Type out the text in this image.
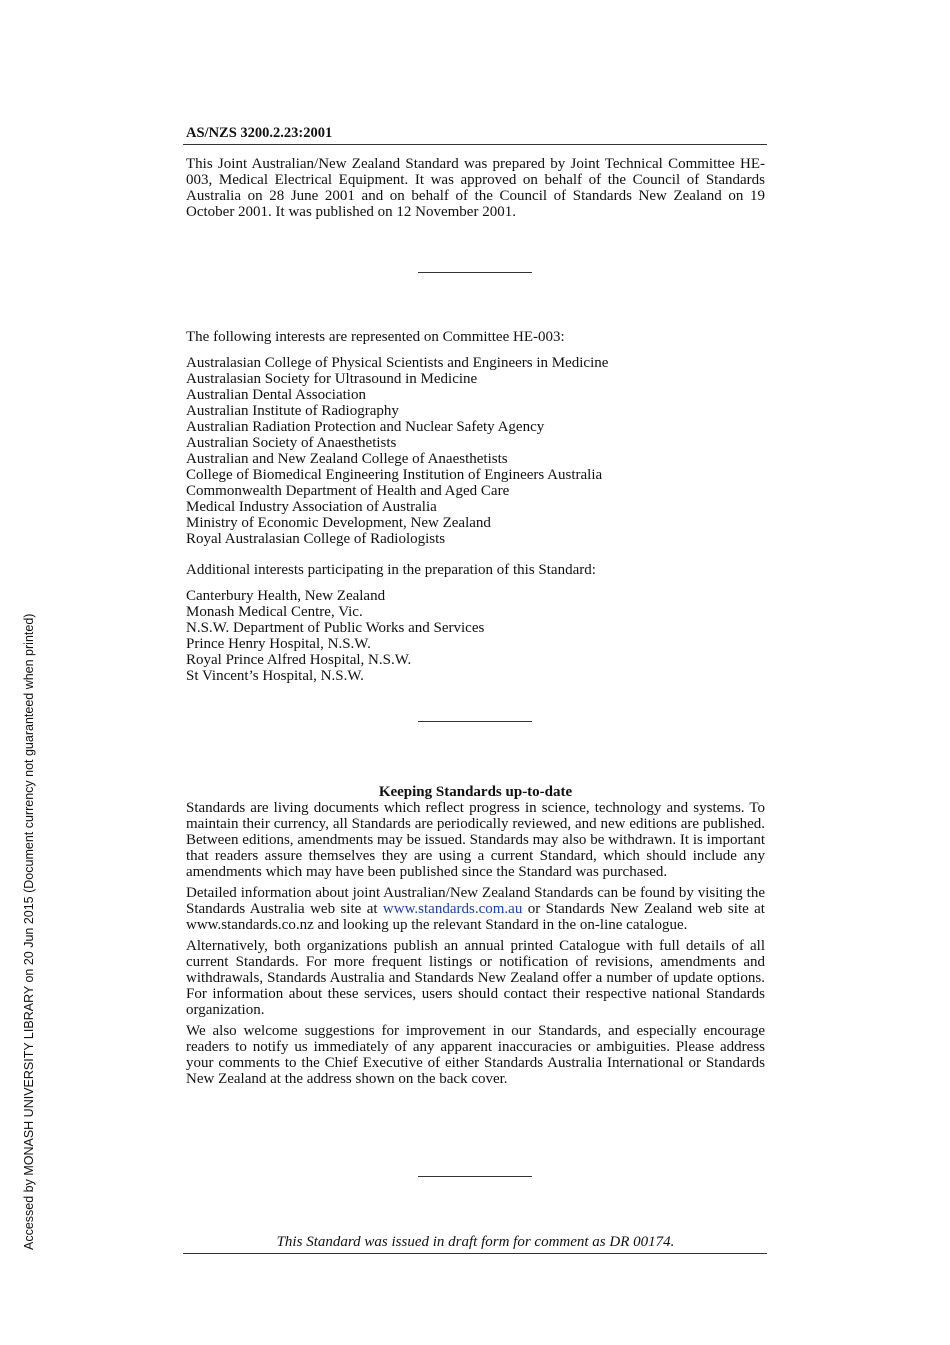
Accessed by MONASH UNIVERSITY LIBRARY on 20 Jun 2015 (Document currency not guaranteed when printed)
AS/NZS 3200.2.23:2001

This Joint Australian/New Zealand Standard was prepared by Joint Technical Committee HE-003, Medical Electrical Equipment. It was approved on behalf of the Council of Standards Australia on 28 June 2001 and on behalf of the Council of Standards New Zealand on 19 October 2001. It was published on 12 November 2001.

The following interests are represented on Committee HE-003:

Australasian College of Physical Scientists and Engineers in Medicine
Australasian Society for Ultrasound in Medicine
Australian Dental Association
Australian Institute of Radiography
Australian Radiation Protection and Nuclear Safety Agency
Australian Society of Anaesthetists
Australian and New Zealand College of Anaesthetists
College of Biomedical Engineering Institution of Engineers Australia
Commonwealth Department of Health and Aged Care
Medical Industry Association of Australia
Ministry of Economic Development, New Zealand
Royal Australasian College of Radiologists

Additional interests participating in the preparation of this Standard:

Canterbury Health, New Zealand
Monash Medical Centre, Vic.
N.S.W. Department of Public Works and Services
Prince Henry Hospital, N.S.W.
Royal Prince Alfred Hospital, N.S.W.
St Vincent’s Hospital, N.S.W.
Keeping Standards up-to-date

Standards are living documents which reflect progress in science, technology and systems. To maintain their currency, all Standards are periodically reviewed, and new editions are published. Between editions, amendments may be issued. Standards may also be withdrawn. It is important that readers assure themselves they are using a current Standard, which should include any amendments which may have been published since the Standard was purchased.

Detailed information about joint Australian/New Zealand Standards can be found by visiting the Standards Australia web site at www.standards.com.au or Standards New Zealand web site at www.standards.co.nz and looking up the relevant Standard in the on-line catalogue.

Alternatively, both organizations publish an annual printed Catalogue with full details of all current Standards. For more frequent listings or notification of revisions, amendments and withdrawals, Standards Australia and Standards New Zealand offer a number of update options. For information about these services, users should contact their respective national Standards organization.

We also welcome suggestions for improvement in our Standards, and especially encourage readers to notify us immediately of any apparent inaccuracies or ambiguities. Please address your comments to the Chief Executive of either Standards Australia International or Standards New Zealand at the address shown on the back cover.

This Standard was issued in draft form for comment as DR 00174.
